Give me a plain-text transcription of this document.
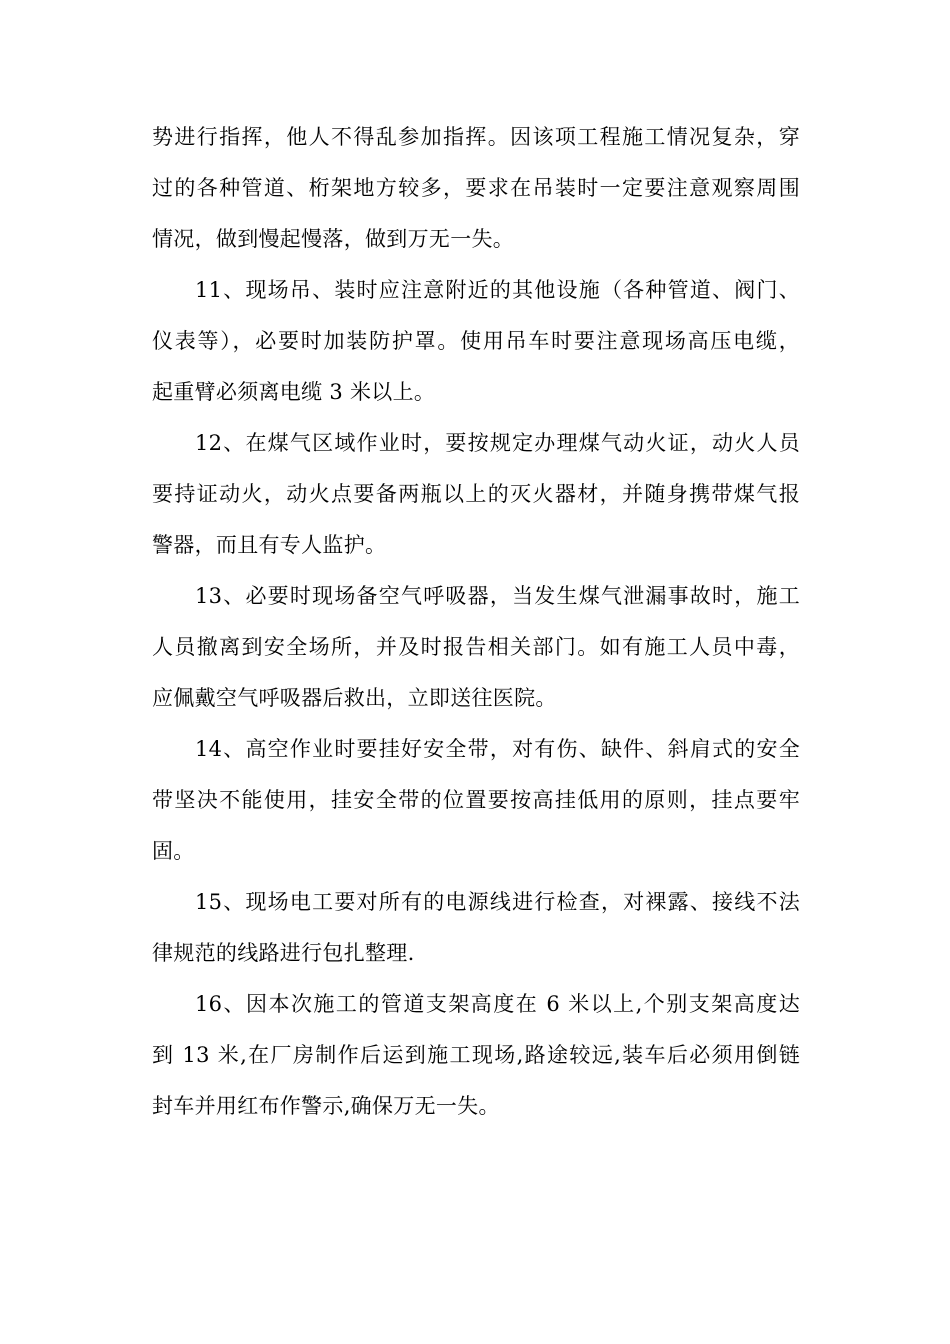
势进行指挥，他人不得乱参加指挥。因该项工程施工情况复杂，穿
过的各种管道、桁架地方较多，要求在吊装时一定要注意观察周围
情况，做到慢起慢落，做到万无一失。
11、现场吊、装时应注意附近的其他设施（各种管道、阀门、
仪表等），必要时加装防护罩。使用吊车时要注意现场高压电缆，
起重臂必须离电缆 3 米以上。
12、在煤气区域作业时，要按规定办理煤气动火证，动火人员
要持证动火，动火点要备两瓶以上的灭火器材，并随身携带煤气报
警器，而且有专人监护。
13、必要时现场备空气呼吸器，当发生煤气泄漏事故时，施工
人员撤离到安全场所，并及时报告相关部门。如有施工人员中毒，
应佩戴空气呼吸器后救出，立即送往医院。
14、高空作业时要挂好安全带，对有伤、缺件、斜肩式的安全
带坚决不能使用，挂安全带的位置要按高挂低用的原则，挂点要牢
固。
15、现场电工要对所有的电源线进行检查，对裸露、接线不法
律规范的线路进行包扎整理.
16、因本次施工的管道支架高度在 6 米以上,个别支架高度达
到 13 米,在厂房制作后运到施工现场,路途较远,装车后必须用倒链
封车并用红布作警示,确保万无一失。
